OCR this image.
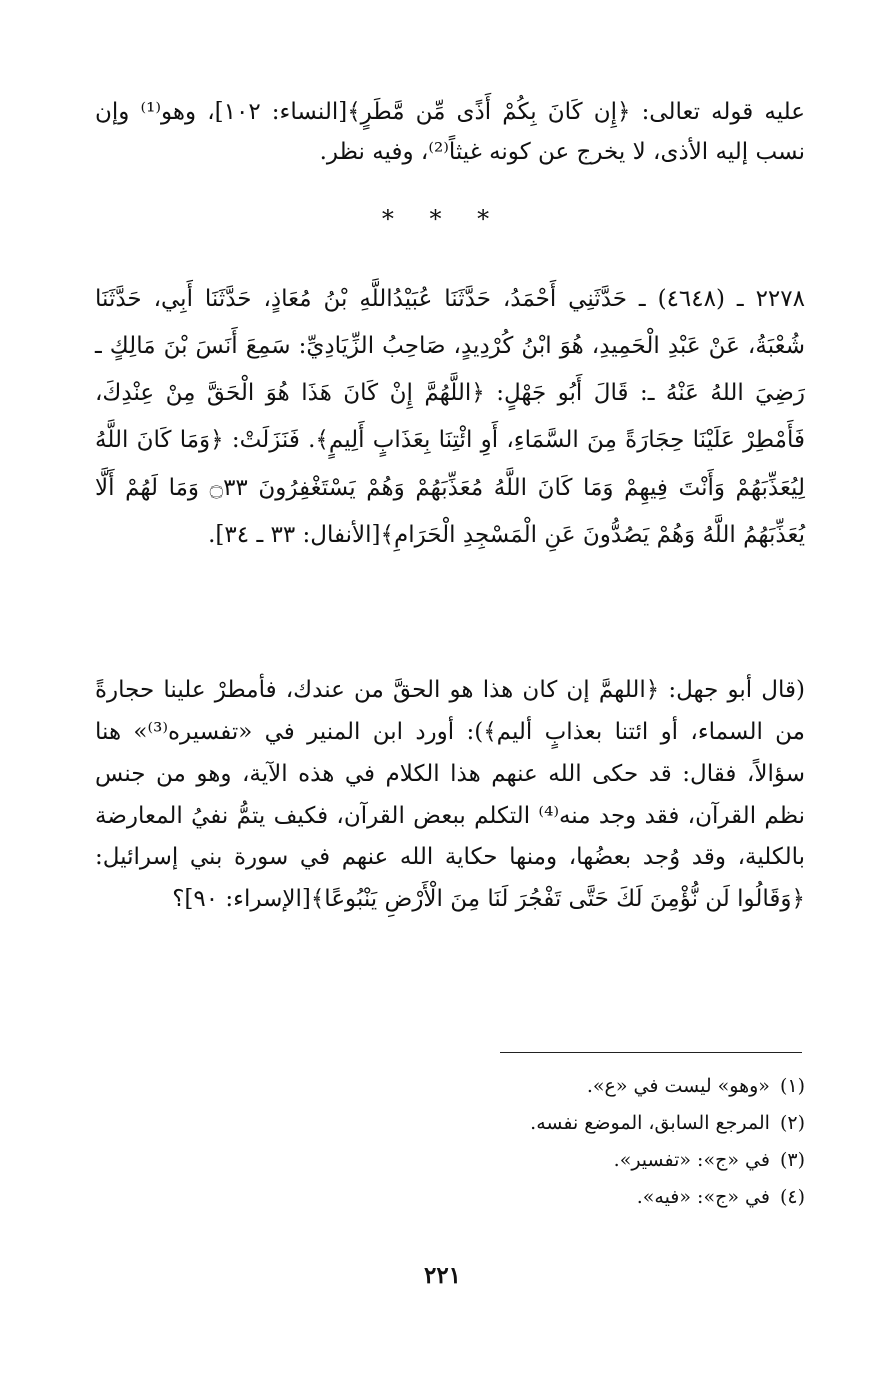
عليه قوله تعالى: ﴿إِن كَانَ بِكُمْ أَذًى مِّن مَّطَرٍ﴾[النساء: ١٠٢]، وهو⁽¹⁾ وإن نسب إليه الأذى، لا يخرج عن كونه غيثاً⁽²⁾، وفيه نظر.

* * *

٢٢٧٨ ـ (٤٦٤٨) ـ حَدَّثَنِي أَحْمَدُ، حَدَّثَنَا عُبَيْدُاللَّهِ بْنُ مُعَاذٍ، حَدَّثَنَا أَبِي، حَدَّثَنَا شُعْبَةُ، عَنْ عَبْدِ الْحَمِيدِ، هُوَ ابْنُ كُرْدِيدٍ، صَاحِبُ الزِّيَادِيِّ: سَمِعَ أَنَسَ بْنَ مَالِكٍ ـ رَضِيَ اللهُ عَنْهُ ـ: قَالَ أَبُو جَهْلٍ: ﴿اللَّهُمَّ إِنْ كَانَ هَذَا هُوَ الْحَقَّ مِنْ عِنْدِكَ، فَأَمْطِرْ عَلَيْنَا حِجَارَةً مِنَ السَّمَاءِ، أَوِ ائْتِنَا بِعَذَابٍ أَلِيمٍ﴾. فَنَزَلَتْ: ﴿وَمَا كَانَ اللَّهُ لِيُعَذِّبَهُمْ وَأَنْتَ فِيهِمْ وَمَا كَانَ اللَّهُ مُعَذِّبَهُمْ وَهُمْ يَسْتَغْفِرُونَ ۝٣٣ وَمَا لَهُمْ أَلَّا يُعَذِّبَهُمُ اللَّهُ وَهُمْ يَصُدُّونَ عَنِ الْمَسْجِدِ الْحَرَامِ﴾[الأنفال: ٣٣ ـ ٣٤].

(قال أبو جهل: ﴿اللهمَّ إن كان هذا هو الحقَّ من عندك، فأمطرْ علينا حجارةً من السماء، أو ائتنا بعذابٍ أليم﴾): أورد ابن المنير في «تفسيره⁽³⁾» هنا سؤالاً، فقال: قد حكى الله عنهم هذا الكلام في هذه الآية، وهو من جنس نظم القرآن، فقد وجد منه⁽⁴⁾ التكلم ببعض القرآن، فكيف يتمُّ نفيُ المعارضة بالكلية، وقد وُجد بعضُها، ومنها حكاية الله عنهم في سورة بني إسرائيل: ﴿وَقَالُوا لَن نُّؤْمِنَ لَكَ حَتَّى تَفْجُرَ لَنَا مِنَ الْأَرْضِ يَنْبُوعًا﴾[الإسراء: ٩٠]؟

(١)«وهو» ليست في «ع».

(٢)المرجع السابق، الموضع نفسه.

(٣)في «ج»: «تفسير».

(٤)في «ج»: «فيه».

٢٢١
